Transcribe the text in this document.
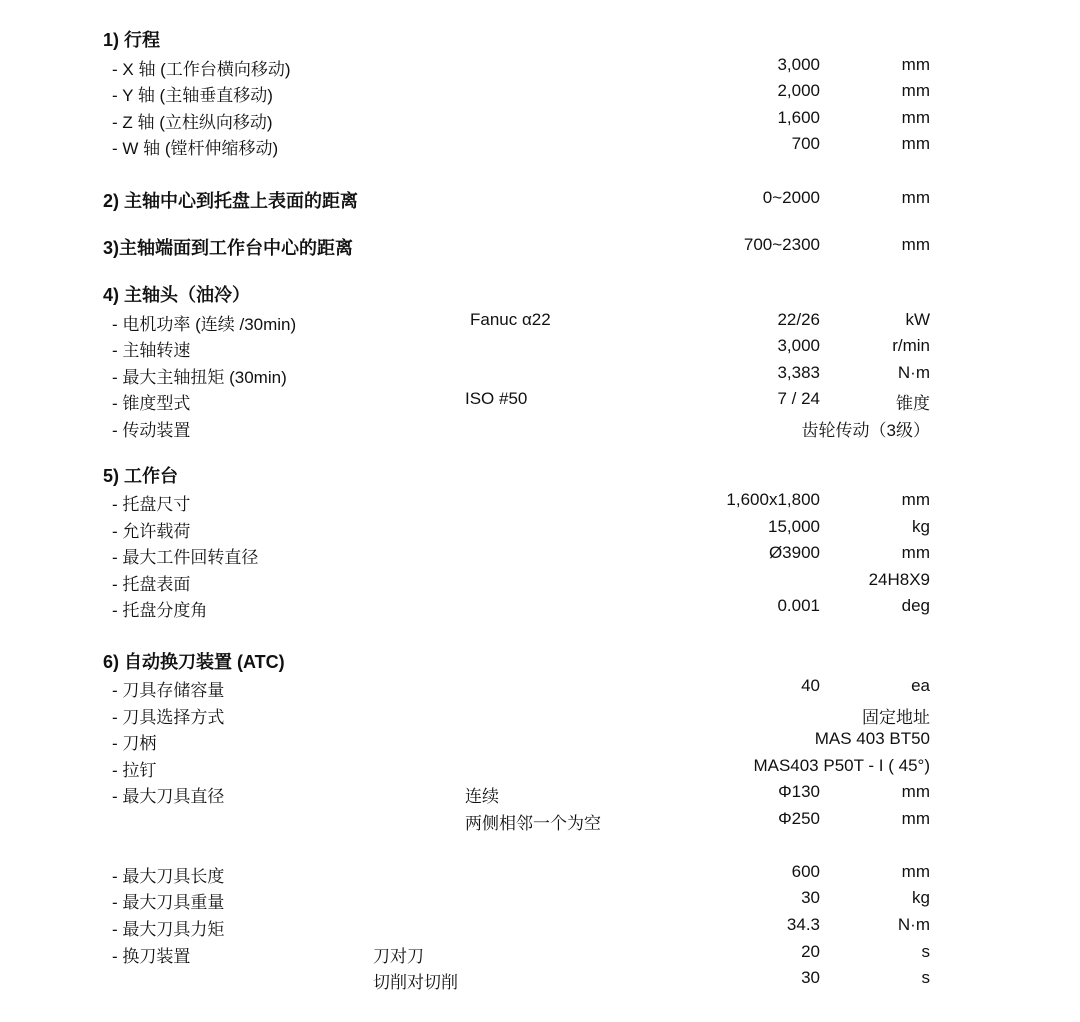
1) 行程
- X 轴 (工作台横向移动)	3,000	mm
- Y 轴 (主轴垂直移动)	2,000	mm
- Z 轴 (立柱纵向移动)	1,600	mm
- W 轴 (镗杆伸缩移动)	700	mm
2) 主轴中心到托盘上表面的距离	0~2000	mm
3)主轴端面到工作台中心的距离	700~2300	mm
4) 主轴头（油冷）
- 电机功率 (连续 /30min)	Fanuc α22	22/26	kW
- 主轴转速	3,000	r/min
- 最大主轴扭矩 (30min)	3,383	N·m
- 锥度型式	ISO #50	7 / 24	锥度
- 传动装置	齿轮传动（3级）
5) 工作台
- 托盘尺寸	1,600x1,800	mm
- 允许载荷	15,000	kg
- 最大工件回转直径	Ø3900	mm
- 托盘表面	24H8X9
- 托盘分度角	0.001	deg
6) 自动换刀装置 (ATC)
- 刀具存储容量	40	ea
- 刀具选择方式	固定地址
- 刀柄	MAS 403 BT50
- 拉钉	MAS403 P50T - I ( 45°)
- 最大刀具直径	连续	Φ130	mm
两侧相邻一个为空	Φ250	mm
- 最大刀具长度	600	mm
- 最大刀具重量	30	kg
- 最大刀具力矩	34.3	N·m
- 换刀装置	刀对刀	20	s
切削对切削	30	s
